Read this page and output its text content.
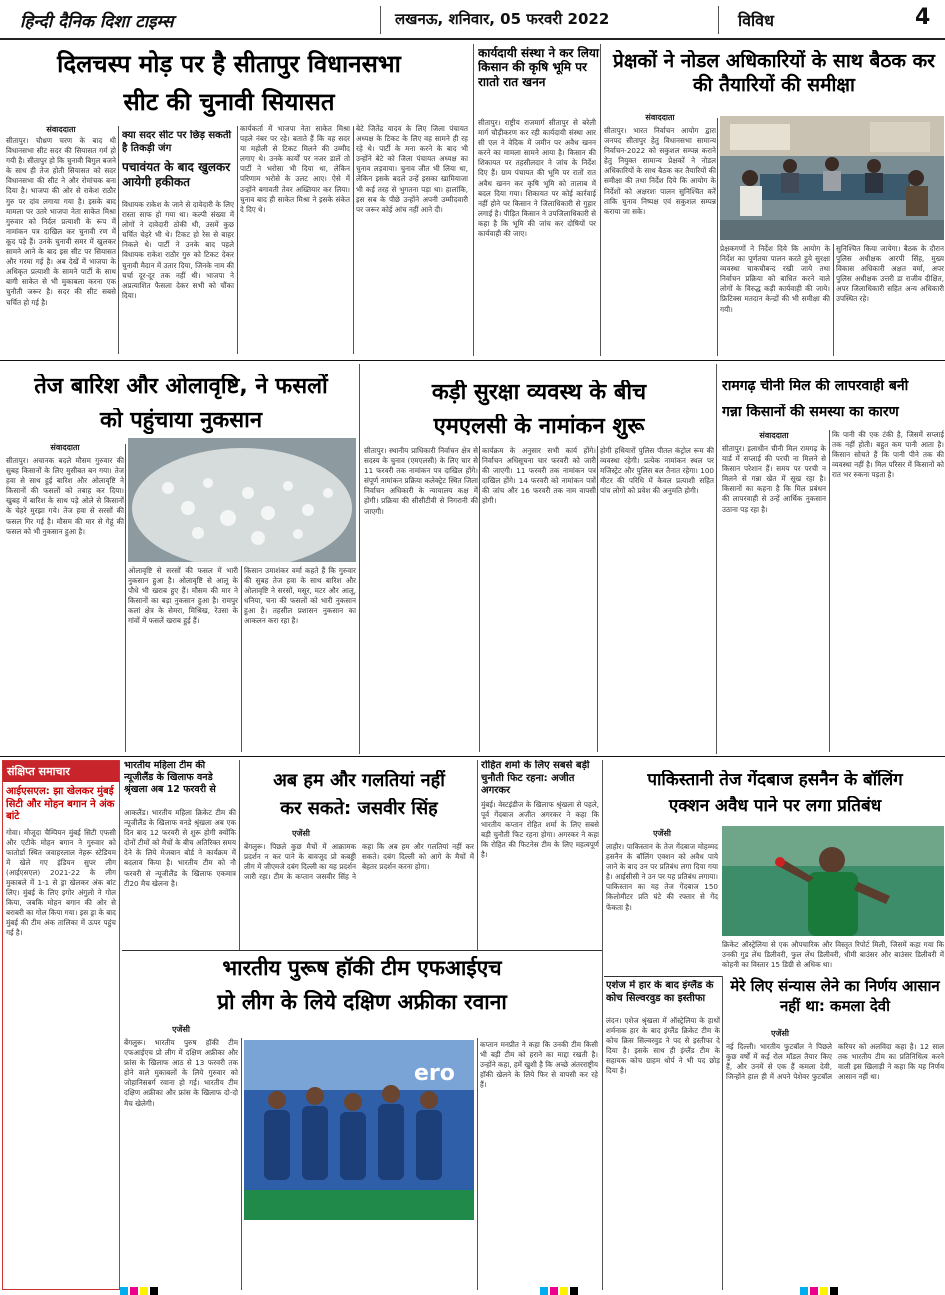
हिन्दी दैनिक दिशा टाइम्स	लखनऊ, शनिवार, 05 फरवरी 2022	विविध	4
दिलचस्प मोड़ पर है सीतापुर विधानसभा
सीट की चुनावी सियासत
संवाददाता
सीतापुर। चौथ्रण चरण के बाद थी विधानसभा सीट सदर की सियासत गर्म हो गयी है। सीतापुर हो कि चुनावी बिगुल बजने के साथ ही तेज होती सियासत को सदर विधानसभा की सीट ने और रोमांचक बना दिया है। भाजपा की ओर से राकेश राठौर गुरु पर दांव लगाया गया है। इसके बाद मामला पर उतरे भाजपा नेता साकेत मिश्रा गुरुवार को निर्दल प्रत्याशी के रूप में नामांकन पत्र दाखिल कर चुनावी रण में कूद पड़े हैं। उनके चुनावी समर में खुलकर सामने आने के बाद इस सीट पर सियासत और गरमा गई है। अब देखें में भाजपा के अधिकृत प्रत्याशी के सामने पार्टी के साथ बागी साकेत से भी मुकाबला करना एक चुनौती जरूर है। सदर की सीट सबसे चर्चित हो गई है।
क्या सदर सीट पर छिड़ सकती है तिकड़ी जंग
पचावंयत के बाद खुलकर आयेगी हकीकत
विधायक राकेश के जाने से दावेदारी के लिए रास्ता साफ हो गया था। कल्पी संख्या में लोगों ने दावेदारी ठोकी थी, उसमें कुछ चर्चित चेहरे भी थे। टिकट हो रेस से बाहर निकले थे। पार्टी ने उनके बाद पहले विधायक राकेश राठौर गुरु को टिकट देकर चुनावी मैदान में उतार दिया, जिनके नाम की चर्चा दूर-दूर तक नहीं थी। भाजपा ने अप्रत्याशित फैसला देकर सभी को चौंका दिया।
कार्यकर्ता में भाजपा नेता साकेत मिश्रा पहले नंबर पर रहे। बताते हैं कि वह सदर या महोली से टिकट मिलने की उम्मीद लगाए थे। उनके कार्यों पर नजर डालें तो पार्टी ने भरोसा भी दिया था, लेकिन परिणाम भरोसे के उलट आए। ऐसे में उन्होंने बगावती तेवर अख्तियार कर लिया। चुनाव बाद ही साकेत मिश्रा ने इसके संकेत दे दिए थे।
बेटे जितेंद्र यादव के लिए जिला पंचायत अध्यक्ष के टिकट के लिए वह सामने ही रह रहे थे। पार्टी के मना करने के बाद भी उन्होंने बेटे को जिला पंचायत अध्यक्ष का चुनाव लड़वाया। चुनाव जीत भी लिया था, लेकिन इसके बदले उन्हें इसका खामियाजा भी कई तरह से भुगतना पड़ा था। हालांकि, इस सब के पीछे उन्होंने अपनी उम्मीदवारी पर जरूर कोई आंच नहीं आने दी।
कार्यदायी संस्था ने कर लिया किसान की कृषि भूमि पर राातो रात खनन
सीतापुर। राष्ट्रीय राजमार्ग सीतापुर से बरेली मार्ग चौड़ीकरण कर रही कार्यदायी संस्था आर सी एल ने वेदिक में जमीन पर अवैध खनन करने का मामला सामने आया है। किसान की शिकायत पर तहसीलदार ने जांच के निर्देश दिए हैं। ग्राम पंचायत की भूमि पर रातों रात अवैध खनन कर कृषि भूमि को तालाब में बदल दिया गया। शिकायत पर कोई कार्रवाई नहीं होने पर किसान ने जिलाधिकारी से गुहार लगाई है। पीड़ित किसान ने उपजिलाधिकारी से कहा है कि भूमि की जांच कर दोषियों पर कार्यवाही की जाए।
प्रेक्षकों ने नोडल अधिकारियों के साथ बैठक कर की तैयारियों की समीक्षा
संवाददाता
सीतापुर। भारत निर्वाचन आयोग द्वारा जनपद सीतापुर हेतु विधानसभा सामान्य निर्वाचन-2022 को सकुशल सम्पन्न कराने हेतु नियुक्त सामान्य प्रेक्षकों ने नोडल अधिकारियों के साथ बैठक कर तैयारियों की समीक्षा की तथा निर्देश दिये कि आयोग के निर्देशों को अक्षरशः पालन सुनिश्चित करें ताकि चुनाव निष्पक्ष एवं सकुशल सम्पन्न कराया जा सके।
प्रेक्षकगणों ने निर्देश दिये कि आयोग के निर्देश का पूर्णतया पालन करते हुये सुरक्षा व्यवस्था चाकचौबन्द रखी जाये तथा निर्वाचन प्रक्रिया को बाधित करने वाले लोगों के विरुद्ध कड़ी कार्यवाही की जाये। फ्रिटिक्स मतदान केन्द्रों की भी समीक्षा की गयी।
सुनिश्चित किया जायेगा। बैठक के दौरान पुलिस अधीक्षक आरपी सिंह, मुख्य विकास अधिकारी अक्षत वर्मा, अपर पुलिस अधीक्षक उत्तरी डा राजीव दीक्षित, अपर जिलाधिकारी सहित अन्य अधिकारी उपस्थित रहे।
तेज बारिश और ओलावृष्टि, ने फसलों
को पहुंचाया नुकसान
संवाददाता
सीतापुर। अचानक बदले मौसम गुरुवार की सुबह किसानों के लिए मुसीबत बन गया। तेज हवा से साथ हुई बारिश और ओलावृष्टि ने किसानों की फसलों को तबाह कर दिया। खुबह में बारिश के साथ पड़े ओले से किसानों के चेहरे मुरझा गये। तेज हवा से सरसों की फसल गिर गई है। मौसम की मार से गेहूं की फसल को भी नुकसान हुआ है।
ओलावृष्टि से सरसों की फसल में भारी नुकसान हुआ है। ओलावृष्टि से आलू के पौधे भी खराब हुए हैं। मौसम की मार ने किसानों का बड़ा नुकसान हुआ है। रामपुर कलां क्षेत्र के सेमरा, मिश्रिख, रेउसा के गांवों में फसलें खराब हुई हैं।
किसान उमाशंकर वर्मा कहते हैं कि गुरुवार की सुबह तेज हवा के साथ बारिश और ओलावृष्टि ने सरसों, मसूर, मटर और आलू, धनिया, चना की फसलों को भारी नुकसान हुआ है। तहसील प्रशासन नुकसान का आकलन करा रहा है।
कड़ी सुरक्षा व्यवस्थ के बीच
एमएलसी के नामांकन शुरू
सीतापुर। स्थानीय प्राधिकारी निर्वाचन क्षेत्र से सदस्य के चुनाव (एमएलसी) के लिए चार से 11 फरवरी तक नामांकन पत्र दाखिल होंगे। संपूर्ण नामांकन प्रक्रिया कलेक्ट्रेट स्थित जिला निर्वाचन अधिकारी के न्यायालय कक्ष में होगी। प्रक्रिया की सीसीटीवी से निगरानी की जाएगी।
कार्यक्रम के अनुसार सभी कार्य होंगे। निर्वाचन अधिसूचना चार फरवरी को जारी की जाएगी। 11 फरवरी तक नामांकन पत्र दाखिल होंगे। 14 फरवरी को नामांकन पत्रों की जांच और 16 फरवरी तक नाम वापसी होगी।
होगी हथियारों पुलिस पीतल कंट्रोल रूम की व्यवस्था रहेगी। प्रत्येक नामांकन स्थल पर मजिस्ट्रेट और पुलिस बल तैनात रहेगा। 100 मीटर की परिधि में केवल प्रत्याशी सहित पांच लोगों को प्रवेश की अनुमति होगी।
रामगढ़ चीनी मिल की लापरवाही बनी
गन्ना किसानों की समस्या का कारण
संवाददाता
सीतापुर। इलाधीन चीनी मिल रामगढ़ के यार्ड में सप्लाई की परची ना मिलने से किसान परेशान हैं। समय पर परची न मिलने से गन्ना खेत में सूख रहा है। किसानों का कहना है कि मिल प्रबंधन की लापरवाही से उन्हें आर्थिक नुकसान उठाना पड़ रहा है।
कि पानी की एक टंकी है, जिसमें सप्लाई तक नहीं होती। बहुत कम पानी आता है। किसान सोचते हैं कि पानी पीने तक की व्यवस्था नहीं है। मिल परिसर में किसानों को रात भर रुकना पड़ता है।
संक्षिप्त समाचार
आईएसएल: झा खेलकर मुंबई सिटी और मोहन बगान ने अंक बांटे
गोवा। मौजूदा चैम्पियन मुंबई सिटी एफसी और एटीके मोहन बगान ने गुरुवार को फातोर्डा स्थित जवाहरलाल नेहरू स्टेडियम में खेले गए इंडियन सुपर लीग (आईएसएल) 2021-22 के लीग मुकाबले में 1-1 से ड्रा खेलकर अंक बांट लिए। मुंबई के लिए इगोर अंगुलो ने गोल किया, जबकि मोहन बगान की ओर से बराबरी का गोल किया गया। इस ड्रा के बाद मुंबई की टीम अंक तालिका में ऊपर पहुंच गई है।
भारतीय महिला टीम की न्यूजीलैंड के खिलाफ वनडे श्रृंखला अब 12 फरवरी से
आकलैंड। भारतीय महिला क्रिकेट टीम की न्यूजीलैंड के खिलाफ वनडे श्रृंखला अब एक दिन बाद 12 फरवरी से शुरू होगी क्योंकि दोनों टीमों को मैचों के बीच अतिरिक्त समय देने के लिये मेजबान बोर्ड ने कार्यक्रम में बदलाव किया है। भारतीय टीम को नौ फरवरी से न्यूजीलैंड के खिलाफ एकमात्र टी20 मैच खेलना है।
अब हम और गलतियां नहीं
कर सकते: जसवीर सिंह
एजेंसी
बेंगलुरू। पिछले कुछ मैचों में आक्रामक प्रदर्शन न कर पाने के बावजूद प्रो कबड्डी लीग में जीएमजे दबंग दिल्ली का यह प्रदर्शन जारी रहा। टीम के कप्तान जसवीर सिंह ने कहा कि अब हम और गलतियां नहीं कर सकते। दबंग दिल्ली को आगे के मैचों में बेहतर प्रदर्शन करना होगा।
रोहित शर्मा के लिए सबसे बड़ी चुनौती फिट रहना: अजीत अगरकर
मुंबई। वेस्टइंडीज के खिलाफ श्रृंखला से पहले, पूर्व गेंदबाज अजीत अगरकर ने कहा कि भारतीय कप्तान रोहित शर्मा के लिए सबसे बड़ी चुनौती फिट रहना होगा। अगरकर ने कहा कि रोहित की फिटनेस टीम के लिए महत्वपूर्ण है।
पाकिस्तानी तेज गेंदबाज हसनैन के बॉलिंग
एक्शन अवैध पाने पर लगा प्रतिबंध
एजेंसी
लाहौर। पाकिस्तान के तेज गेंदबाज मोहम्मद हसनैन के बॉलिंग एक्शन को अवैध पाये जाने के बाद उन पर प्रतिबंध लगा दिया गया है। आईसीसी ने उन पर यह प्रतिबंध लगाया। पाकिस्तान का यह तेज गेंदबाज 150 किलोमीटर प्रति घंटे की रफ्तार से गेंद फेंकता है।
क्रिकेट ऑस्ट्रेलिया से एक औपचारिक और विस्तृत रिपोर्ट मिली, जिसमें कहा गया कि उनकी गुड लेंथ डिलीवरी, फुल लेंथ डिलीवरी, धीमी बाउंसर और बाउंसर डिलीवरी में कोहनी का विस्तार 15 डिग्री से अधिक था।
भारतीय पुरूष हॉकी टीम एफआईएच
प्रो लीग के लिये दक्षिण अफ्रीका रवाना
एजेंसी
बेंगलुरू। भारतीय पुरुष हॉकी टीम एफआईएच प्रो लीग में दक्षिण अफ्रीका और फ्रांस के खिलाफ आठ से 13 फरवरी तक होने वाले मुकाबलों के लिये गुरुवार को जोहानिसबर्ग रवाना हो गई। भारतीय टीम दक्षिण अफ्रीका और फ्रांस के खिलाफ दो-दो मैच खेलेगी।
ero
कप्तान मनप्रीत ने कहा कि उनकी टीम किसी भी बड़ी टीम को हराने का माद्दा रखती है। उन्होंने कहा, हमें खुशी है कि अच्छे अंतरराष्ट्रीय हॉकी खेलने के लिये फिर से वापसी कर रहे हैं।
एशेज में हार के बाद इंग्लैंड के कोच सिल्वरवुड का इस्तीफा
लंदन। एशेज श्रृंखला में ऑस्ट्रेलिया के हाथों शर्मनाक हार के बाद इंग्लैंड क्रिकेट टीम के कोच क्रिस सिल्वरवुड ने पद से इस्तीफा दे दिया है। इसके साथ ही इंग्लैंड टीम के सहायक कोच ग्राहम थोर्प ने भी पद छोड़ दिया है।
मेरे लिए संन्यास लेने का निर्णय आसान नहीं था: कमला देवी
एजेंसी
नई दिल्ली। भारतीय फुटबॉल ने पिछले कुछ वर्षों में कई रोल मॉडल तैयार किए हैं, और उनमें से एक हैं कमला देवी, जिन्होंने हाल ही में अपने पेशेवर फुटबॉल करियर को अलविदा कहा है। 12 साल तक भारतीय टीम का प्रतिनिधित्व करने वाली इस खिलाड़ी ने कहा कि यह निर्णय आसान नहीं था।
